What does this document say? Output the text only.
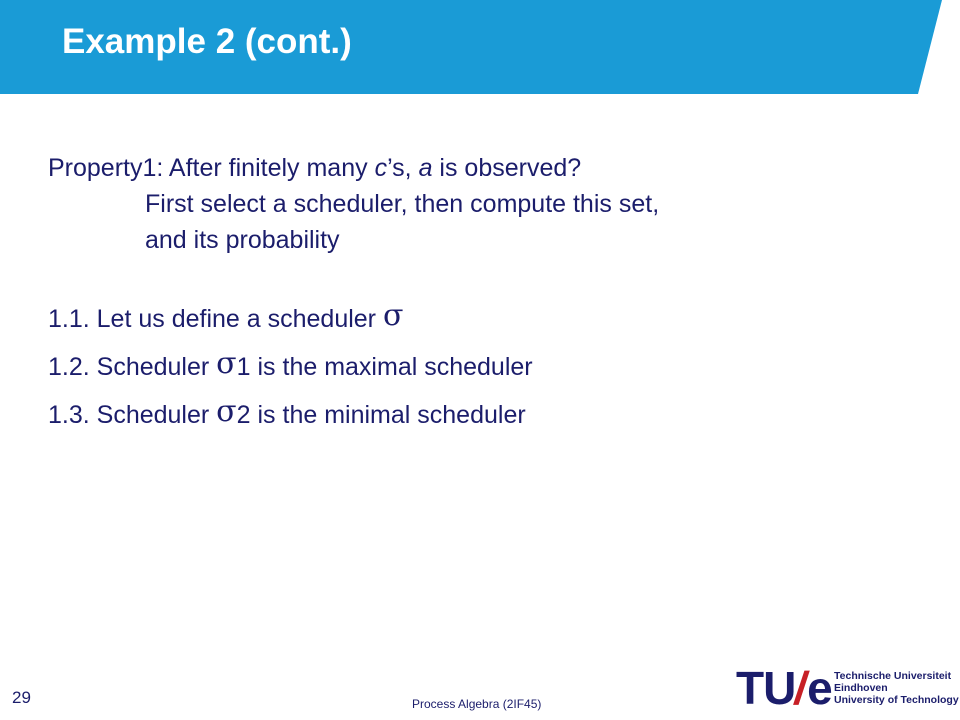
Example 2 (cont.)
Property1: After finitely many c’s, a is observed?
First select a scheduler, then compute this set,
and its probability
1.1. Let us define a scheduler σ
1.2. Scheduler σ1 is the maximal scheduler
1.3. Scheduler σ2 is the minimal scheduler
29	Process Algebra (2IF45)	TU/e Technische Universiteit
Eindhoven
University of Technology
